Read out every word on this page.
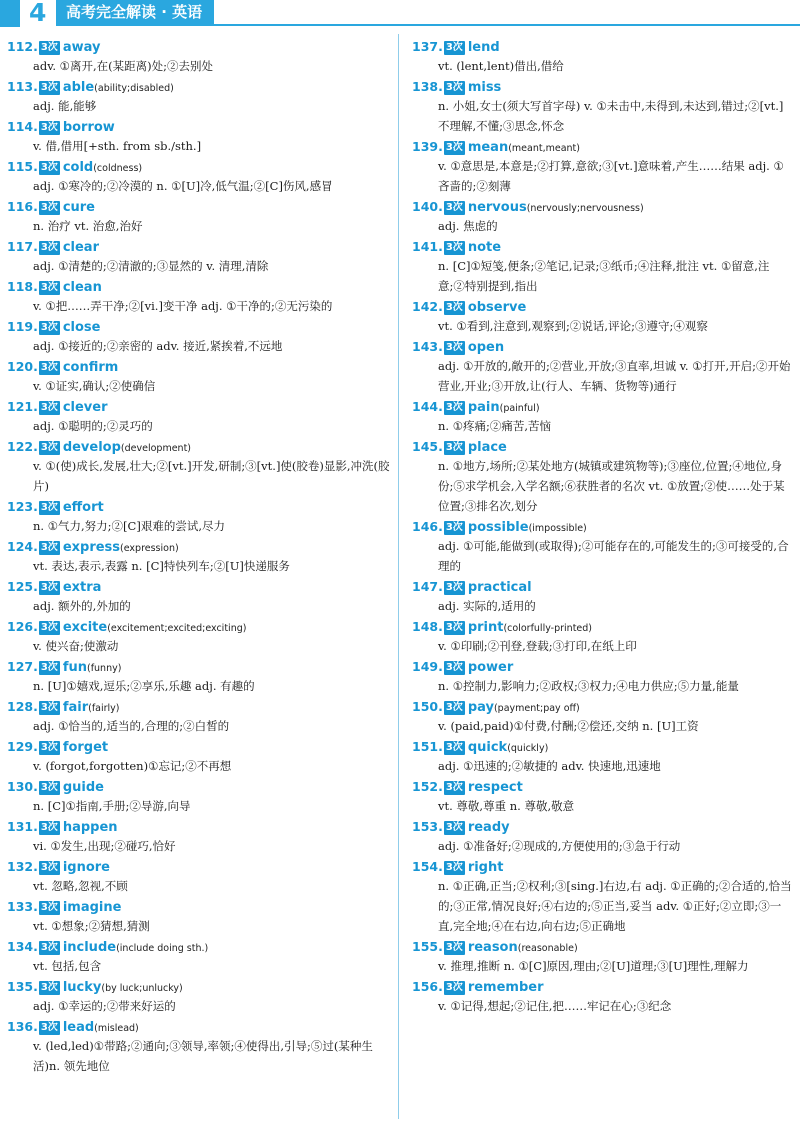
4	高考完全解读 · 英语
112. 3次 away
adv. ①离开,在(某距离)处;②去别处
113. 3次 able(ability;disabled)
adj. 能,能够
114. 3次 borrow
v. 借,借用[+sth. from sb./sth.]
115. 3次 cold(coldness)
adj. ①寒冷的;②冷漠的 n. ①[U]冷,低气温;②[C]伤风,感冒
116. 3次 cure
n. 治疗 vt. 治愈,治好
117. 3次 clear
adj. ①清楚的;②清澈的;③显然的 v. 清理,清除
118. 3次 clean
v. ①把……弄干净;②[vi.]变干净 adj. ①干净的;②无污染的
119. 3次 close
adj. ①接近的;②亲密的 adv. 接近,紧挨着,不远地
120. 3次 confirm
v. ①证实,确认;②使确信
121. 3次 clever
adj. ①聪明的;②灵巧的
122. 3次 develop(development)
v. ①(使)成长,发展,壮大;②[vt.]开发,研制;③[vt.]使(胶卷)显影,冲洗(胶片)
123. 3次 effort
n. ①气力,努力;②[C]艰难的尝试,尽力
124. 3次 express(expression)
vt. 表达,表示,表露 n. [C]特快列车;②[U]快递服务
125. 3次 extra
adj. 额外的,外加的
126. 3次 excite(excitement;excited;exciting)
v. 使兴奋;使激动
127. 3次 fun(funny)
n. [U]①嬉戏,逗乐;②享乐,乐趣 adj. 有趣的
128. 3次 fair(fairly)
adj. ①恰当的,适当的,合理的;②白皙的
129. 3次 forget
v. (forgot,forgotten)①忘记;②不再想
130. 3次 guide
n. [C]①指南,手册;②导游,向导
131. 3次 happen
vi. ①发生,出现;②碰巧,恰好
132. 3次 ignore
vt. 忽略,忽视,不顾
133. 3次 imagine
vt. ①想象;②猜想,猜测
134. 3次 include(include doing sth.)
vt. 包括,包含
135. 3次 lucky(by luck;unlucky)
adj. ①幸运的;②带来好运的
136. 3次 lead(mislead)
v. (led,led)①带路;②通向;③领导,率领;④使得出,引导;⑤过(某种生活)n. 领先地位
137. 3次 lend
vt. (lent,lent)借出,借给
138. 3次 miss
n. 小姐,女士(须大写首字母) v. ①未击中,未得到,未达到,错过;②[vt.]不理解,不懂;③思念,怀念
139. 3次 mean(meant,meant)
v. ①意思是,本意是;②打算,意欲;③[vt.]意味着,产生……结果 adj. ①吝啬的;②刻薄
140. 3次 nervous(nervously;nervousness)
adj. 焦虑的
141. 3次 note
n. [C]①短笺,便条;②笔记,记录;③纸币;④注释,批注 vt. ①留意,注意;②特别提到,指出
142. 3次 observe
vt. ①看到,注意到,观察到;②说话,评论;③遵守;④观察
143. 3次 open
adj. ①开放的,敞开的;②营业,开放;③直率,坦诚 v. ①打开,开启;②开始营业,开业;③开放,让(行人、车辆、货物等)通行
144. 3次 pain(painful)
n. ①疼痛;②痛苦,苦恼
145. 3次 place
n. ①地方,场所;②某处地方(城镇或建筑物等);③座位,位置;④地位,身份;⑤求学机会,入学名额;⑥获胜者的名次 vt. ①放置;②使……处于某位置;③排名次,划分
146. 3次 possible(impossible)
adj. ①可能,能做到(或取得);②可能存在的,可能发生的;③可接受的,合理的
147. 3次 practical
adj. 实际的,适用的
148. 3次 print(colorfully-printed)
v. ①印刷;②刊登,登载;③打印,在纸上印
149. 3次 power
n. ①控制力,影响力;②政权;③权力;④电力供应;⑤力量,能量
150. 3次 pay(payment;pay off)
v. (paid,paid)①付费,付酬;②偿还,交纳 n. [U]工资
151. 3次 quick(quickly)
adj. ①迅速的;②敏捷的 adv. 快速地,迅速地
152. 3次 respect
vt. 尊敬,尊重 n. 尊敬,敬意
153. 3次 ready
adj. ①准备好;②现成的,方便使用的;③急于行动
154. 3次 right
n. ①正确,正当;②权利;③[sing.]右边,右 adj. ①正确的;②合适的,恰当的;③正常,情况良好;④右边的;⑤正当,妥当 adv. ①正好;②立即;③一直,完全地;④在右边,向右边;⑤正确地
155. 3次 reason(reasonable)
v. 推理,推断 n. ①[C]原因,理由;②[U]道理;③[U]理性,理解力
156. 3次 remember
v. ①记得,想起;②记住,把……牢记在心;③纪念
